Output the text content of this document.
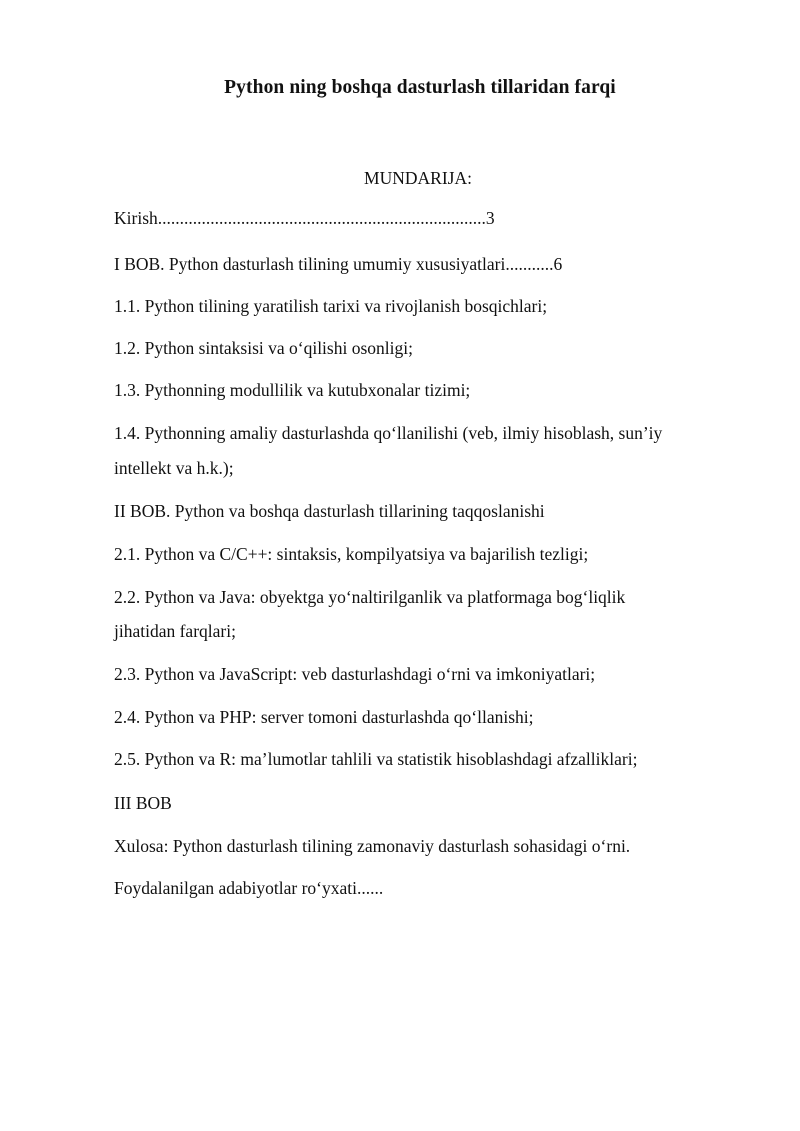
Python ning boshqa dasturlash tillaridan farqi

MUNDARIJA:

Kirish...........................................................................3
I BOB. Python dasturlash tilining umumiy xususiyatlari...........6
1.1. Python tilining yaratilish tarixi va rivojlanish bosqichlari;
1.2. Python sintaksisi va o‘qilishi osonligi;
1.3. Pythonning modullilik va kutubxonalar tizimi;
1.4. Pythonning amaliy dasturlashda qo‘llanilishi (veb, ilmiy hisoblash, sun’iy
intellekt va h.k.);
II BOB. Python va boshqa dasturlash tillarining taqqoslanishi
2.1. Python va C/C++: sintaksis, kompilyatsiya va bajarilish tezligi;
2.2. Python va Java: obyektga yo‘naltirilganlik va platformaga bog‘liqlik
jihatidan farqlari;
2.3. Python va JavaScript: veb dasturlashdagi o‘rni va imkoniyatlari;
2.4. Python va PHP: server tomoni dasturlashda qo‘llanishi;
2.5. Python va R: ma’lumotlar tahlili va statistik hisoblashdagi afzalliklari;
III BOB
Xulosa: Python dasturlash tilining zamonaviy dasturlash sohasidagi o‘rni.
Foydalanilgan adabiyotlar ro‘yxati......
